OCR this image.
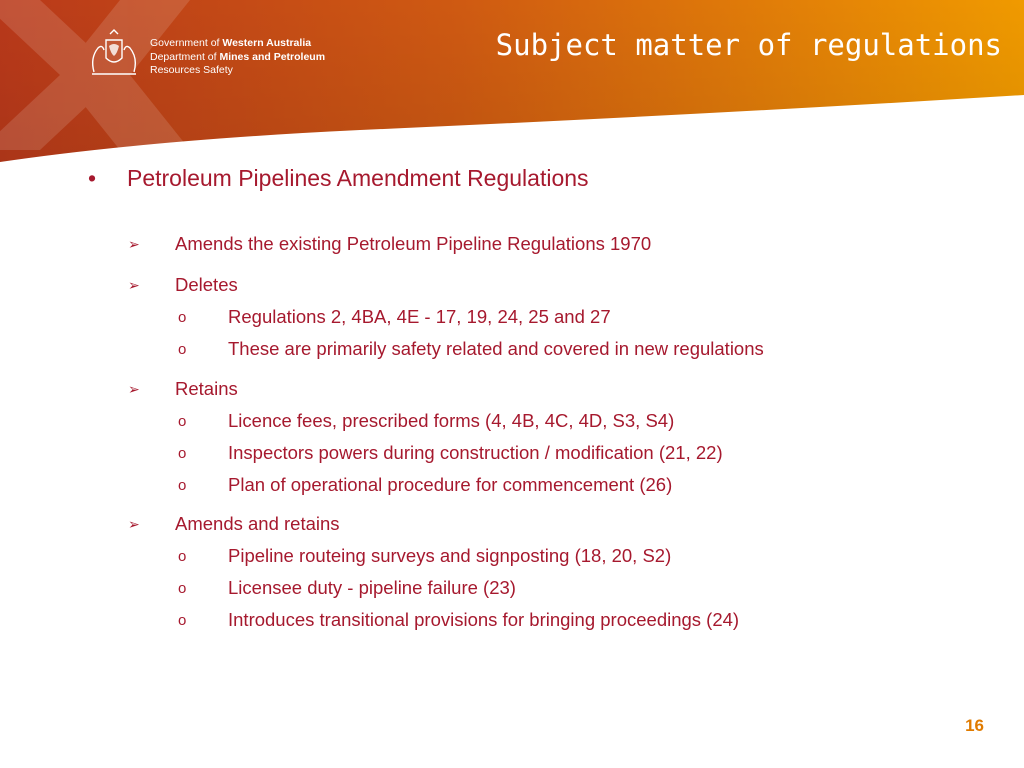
Government of Western Australia
Department of Mines and Petroleum
Resources Safety
Subject matter of regulations
• Petroleum Pipelines Amendment Regulations
➢ Amends the existing Petroleum Pipeline Regulations 1970
➢ Deletes
o Regulations 2, 4BA, 4E - 17, 19, 24, 25 and 27
o These are primarily safety related and covered in new regulations
➢ Retains
o Licence fees, prescribed forms (4, 4B, 4C, 4D, S3, S4)
o Inspectors powers during construction / modification (21, 22)
o Plan of operational procedure for commencement (26)
➢ Amends and retains
o Pipeline routeing surveys and signposting (18, 20, S2)
o Licensee duty - pipeline failure (23)
o Introduces transitional provisions for bringing proceedings (24)
16
